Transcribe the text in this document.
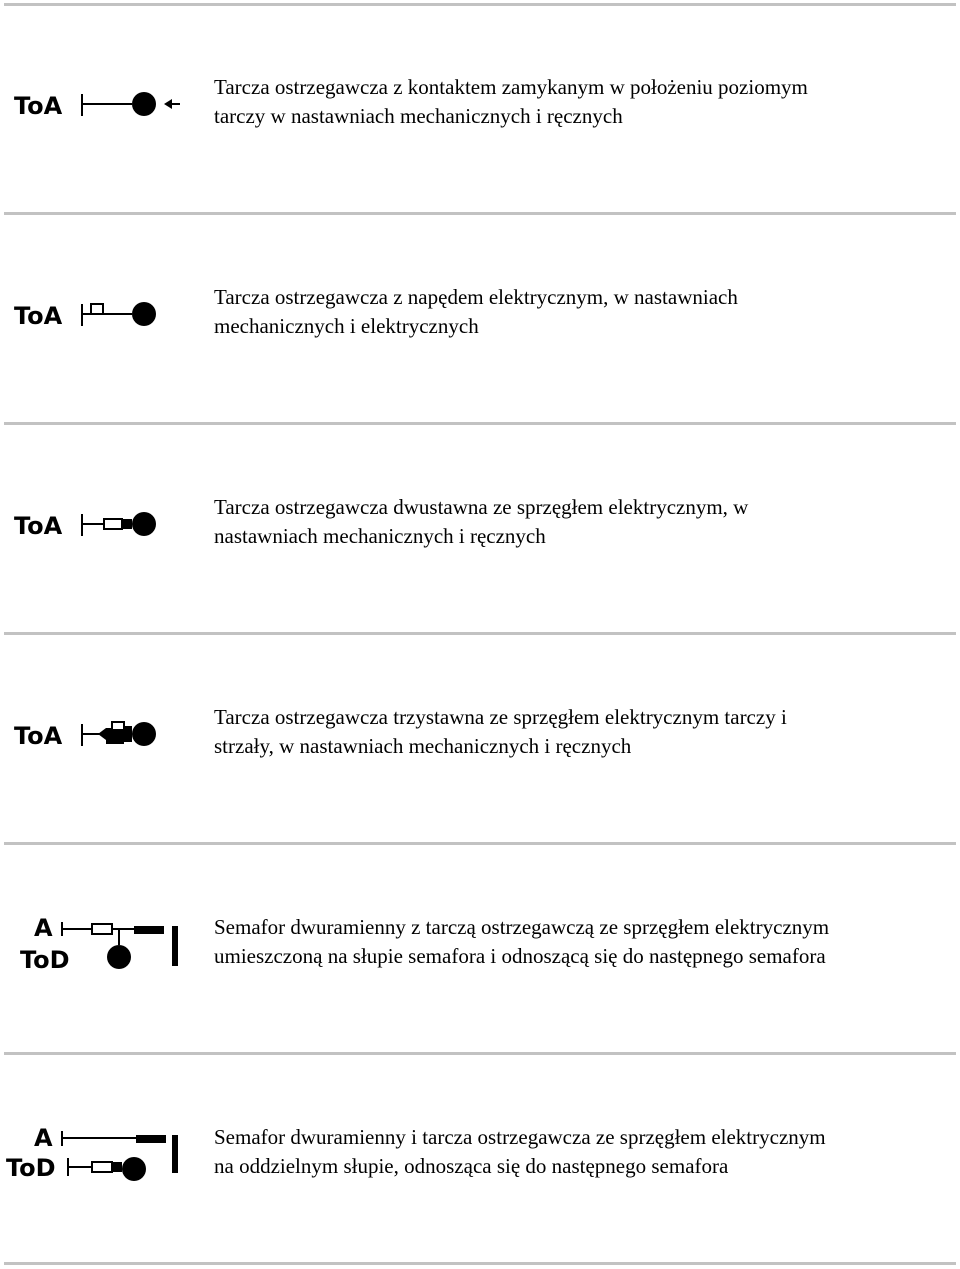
ToA
Tarcza ostrzegawcza z kontaktem zamykanym w położeniu poziomym
tarczy w nastawniach mechanicznych i ręcznych
ToA
Tarcza ostrzegawcza z napędem elektrycznym, w nastawniach
mechanicznych i elektrycznych
ToA
Tarcza ostrzegawcza dwustawna ze sprzęgłem elektrycznym, w
nastawniach mechanicznych i ręcznych
ToA
Tarcza ostrzegawcza trzystawna ze sprzęgłem elektrycznym tarczy i
strzały, w nastawniach mechanicznych i ręcznych
A
ToD
Semafor dwuramienny z tarczą ostrzegawczą ze sprzęgłem elektrycznym
umieszczoną na słupie semafora i odnoszącą się do następnego semafora
A
ToD
Semafor dwuramienny i tarcza ostrzegawcza ze sprzęgłem elektrycznym
na oddzielnym słupie, odnosząca się do następnego semafora
